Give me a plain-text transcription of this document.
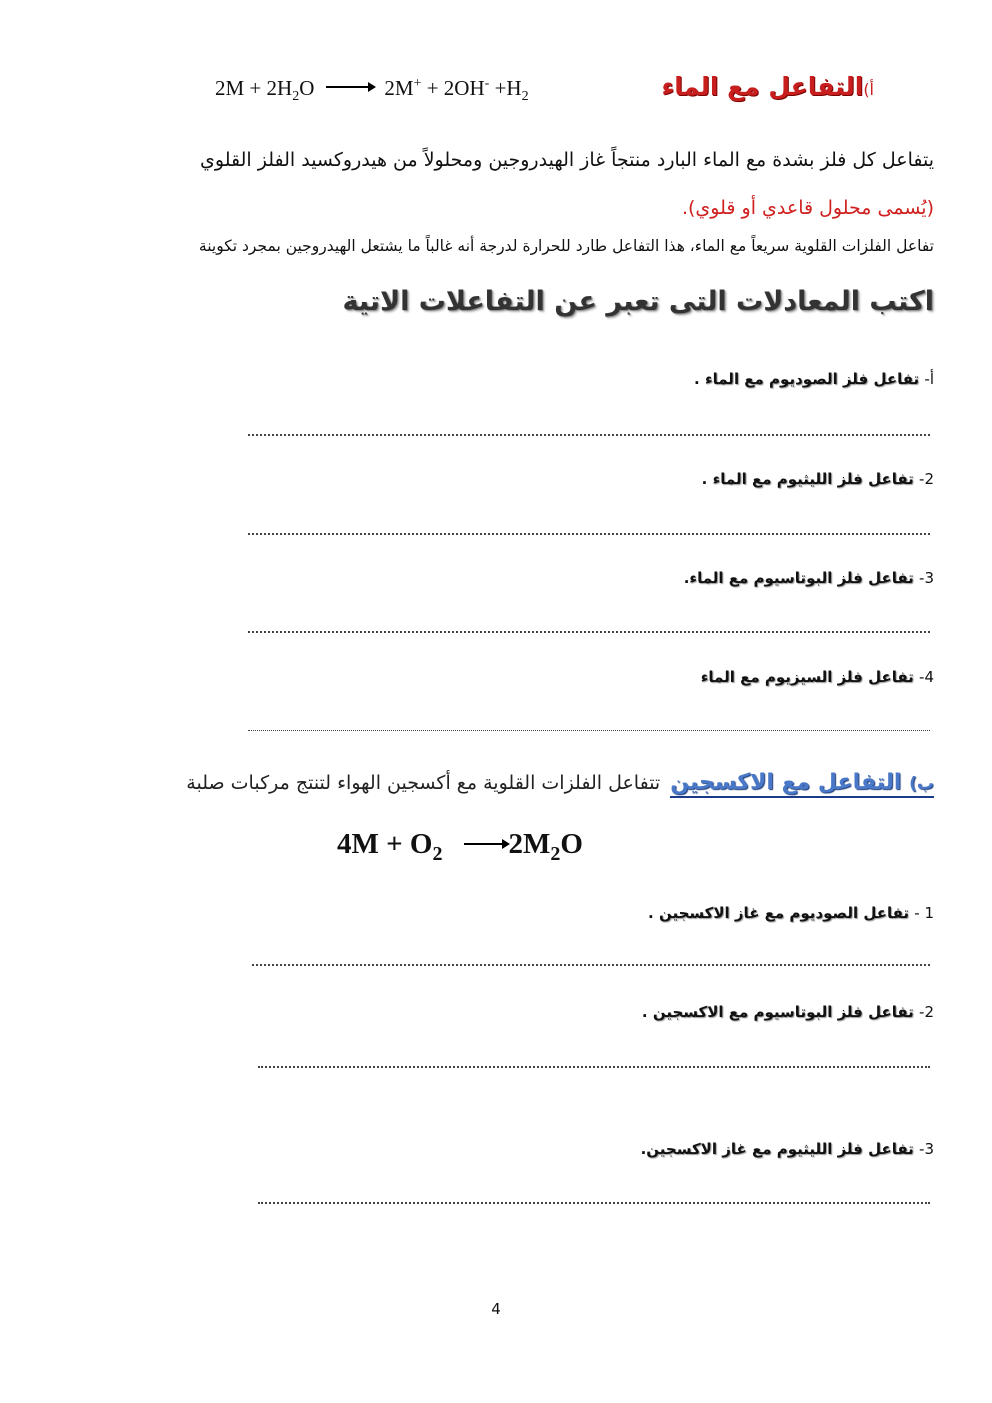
$2M + 2H_2O \to 2M^+ + 2OH^- +H_2$	أ)التفاعل مع الماء
يتفاعل كل فلز بشدة مع الماء البارد منتجاً غاز الهيدروجين ومحلولاً من هيدروكسيد الفلز القلوي
(يُسمى محلول قاعدي أو قلوي).
تفاعل الفلزات القلوية سريعاً مع الماء، هذا التفاعل طارد للحرارة لدرجة أنه غالباً ما يشتعل الهيدروجين بمجرد تكوينة
اكتب المعادلات التى تعبر عن التفاعلات الاتية
أ- تفاعل فلز الصوديوم مع الماء .
2- تفاعل فلز الليثيوم مع الماء .
3- تفاعل فلز البوتاسيوم مع الماء.
4- تفاعل فلز السيزيوم مع الماء
ب) التفاعل مع الاكسجينتتفاعل الفلزات القلوية مع أكسجين الهواء لتنتج مركبات صلبة
$4M + O_2 \to 2M_2O$
1 - تفاعل الصوديوم مع غاز الاكسجين .
2- تفاعل فلز البوتاسيوم مع الاكسجين .
3- تفاعل فلز الليثيوم مع غاز الاكسجين.
4
